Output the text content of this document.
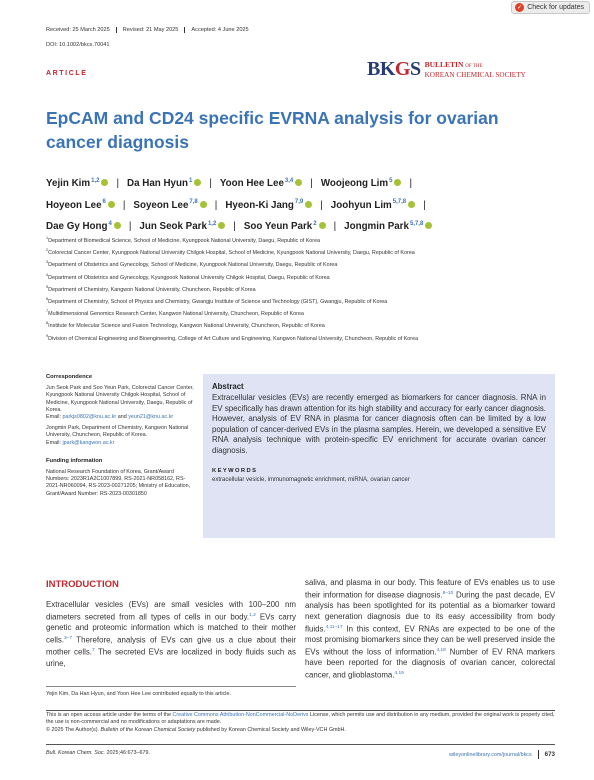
✓ Check for updates
Received: 25 March 2025	Revised: 21 May 2025	Accepted: 4 June 2025
DOI: 10.1002/bkcs.70041
ARTICLE	BKGS BULLETIN OF THE
KOREAN CHEMICAL SOCIETY
EpCAM and CD24 specific EVRNA analysis for ovarian cancer diagnosis
Yejin Kim$^{1,2}$ | Da Han Hyun$^1$ | Yoon Hee Lee$^{3,4}$ | Woojeong Lim$^5$ |
Hoyeon Lee$^6$ | Soyeon Lee$^{7,8}$ | Hyeon-Ki Jang$^{7,9}$ | Joohyun Lim$^{5,7,8}$ |
Dae Gy Hong$^4$ | Jun Seok Park$^{1,2}$ | Soo Yeun Park$^2$ | Jongmin Park$^{5,7,8}$
$^1$Department of Biomedical Science, School of Medicine, Kyungpook National University, Daegu, Republic of Korea
$^2$Colorectal Cancer Center, Kyungpook National University Chilgok Hospital, School of Medicine, Kyungpook National University, Daegu, Republic of Korea
$^3$Department of Obstetrics and Gynecology, School of Medicine, Kyungpook National University, Daegu, Republic of Korea
$^4$Department of Obstetrics and Gynecology, Kyungpook National University Chilgok Hospital, Daegu, Republic of Korea
$^5$Department of Chemistry, Kangwon National University, Chuncheon, Republic of Korea
$^6$Department of Chemistry, School of Physics and Chemistry, Gwangju Institute of Science and Technology (GIST), Gwangju, Republic of Korea
$^7$Multidimensional Genomics Research Center, Kangwon National University, Chuncheon, Republic of Korea
$^8$Institute for Molecular Science and Fusion Technology, Kangwon National University, Chuncheon, Republic of Korea
$^9$Division of Chemical Engineering and Bioengineering, College of Art Culture and Engineering, Kangwon National University, Chuncheon, Republic of Korea

Correspondence

Jun Seok Park and Soo Yeun Park, Colorectal Cancer Center, Kyungpook National University Chilgok Hospital, School of Medicine, Kyungpook National University, Daegu, Republic of Korea.
Email: parkjs0802@knu.ac.kr and yeun21@knu.ac.kr

Jongmin Park, Department of Chemistry, Kangwon National University, Chuncheon, Republic of Korea.
Email: jpark@kangwon.ac.kr

Funding information

National Research Foundation of Korea, Grant/Award Numbers: 2023R1A2C1007899, RS-2021-NR058162, RS-2021-NR060094, RS-2023-00271205; Ministry of Education, Grant/Award Number: RS-2023-00301850

Abstract
Extracellular vesicles (EVs) are recently emerged as biomarkers for cancer diagnosis. RNA in EV specifically has drawn attention for its high stability and accuracy for early cancer diagnosis. However, analysis of EV RNA in plasma for cancer diagnosis often can be limited by a low population of cancer-derived EVs in the plasma samples. Herein, we developed a sensitive EV RNA analysis technique with protein-specific EV enrichment for accurate ovarian cancer diagnosis.
KEYWORDS
extracellular vesicle, immunomagnetic enrichment, miRNA, ovarian cancer
INTRODUCTION
Extracellular vesicles (EVs) are small vesicles with 100–200 nm diameters secreted from all types of cells in our body.$^{1,2}$ EVs carry genetic and proteomic information which is matched to their mother cells.$^{3-7}$ Therefore, analysis of EVs can give us a clue about their mother cells.$^7$ The secreted EVs are localized in body fluids such as urine,
saliva, and plasma in our body. This feature of EVs enables us to use their information for disease diagnosis.$^{8-10}$ During the past decade, EV analysis has been spotlighted for its potential as a biomarker toward next generation diagnosis due to its easy accessibility from body fluids.$^{4,11-17}$ In this context, EV RNAs are expected to be one of the most promising biomarkers since they can be well preserved inside the EVs without the loss of information.$^{4,18}$ Number of EV RNA markers have been reported for the diagnosis of ovarian cancer, colorectal cancer, and glioblastoma.$^{4,19}$
Yejin Kim, Da Han Hyun, and Yoon Hee Lee contributed equally to this article.
This is an open access article under the terms of the Creative Commons Attribution-NonCommercial-NoDerivs License, which permits use and distribution in any medium, provided the original work is properly cited, the use is non-commercial and no modifications or adaptations are made.
© 2025 The Author(s). Bulletin of the Korean Chemical Society published by Korean Chemical Society and Wiley-VCH GmbH.
Bull. Korean Chem. Soc. 2025;46:673–679.	wileyonlinelibrary.com/journal/bkcs 673
